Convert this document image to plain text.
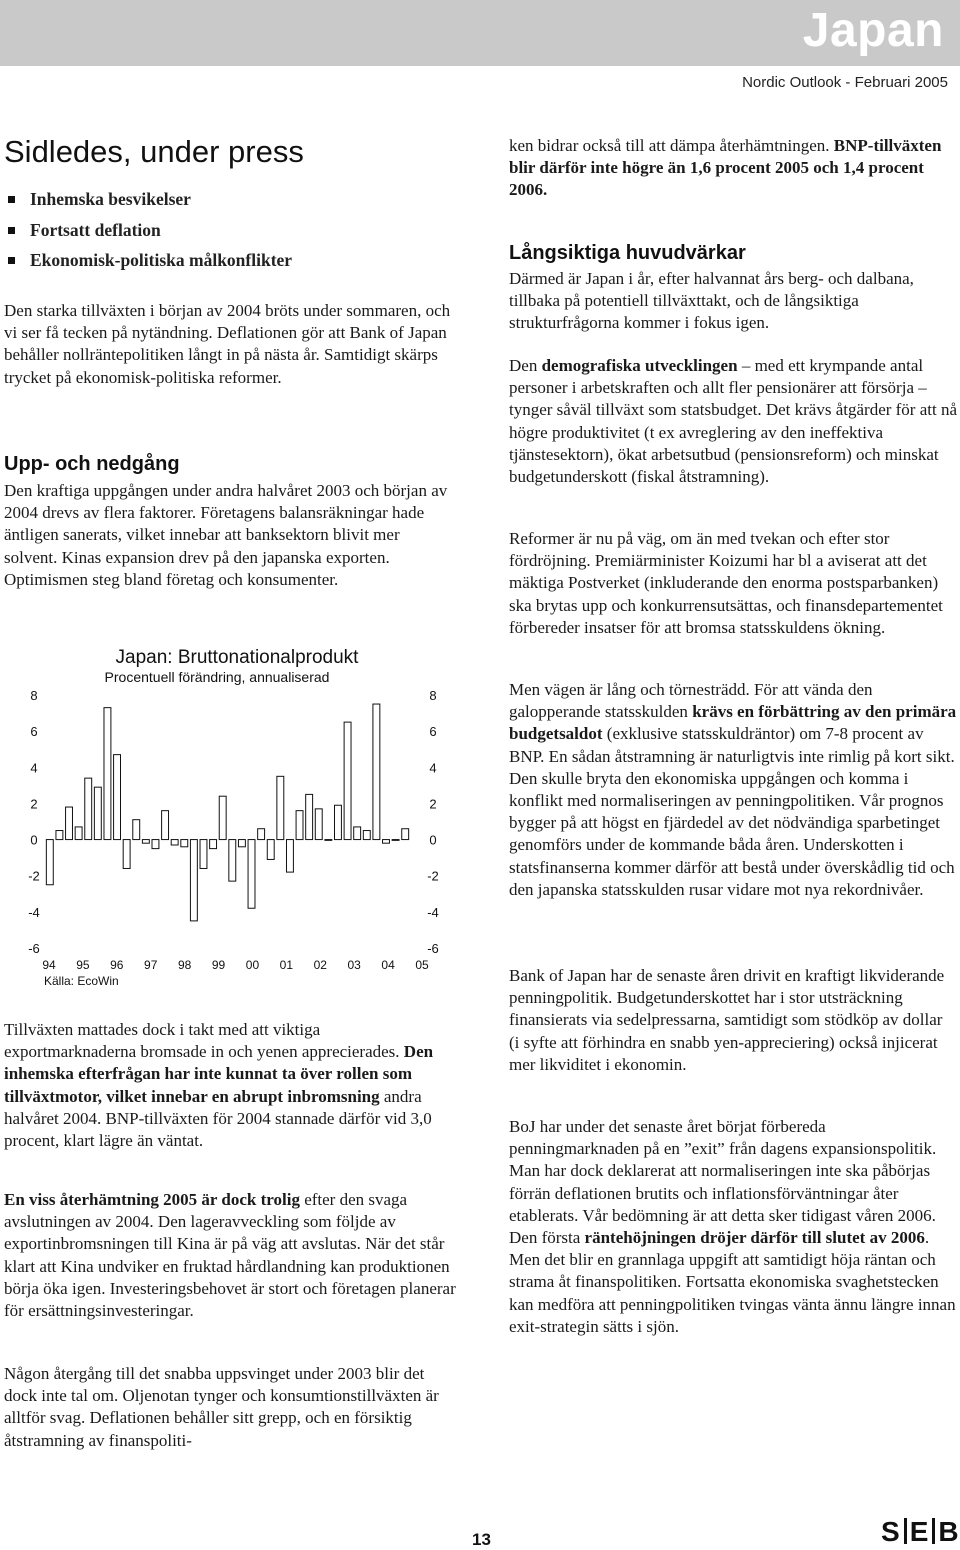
Japan
Nordic Outlook - Februari 2005
Sidledes, under press
Inhemska besvikelser
Fortsatt deflation
Ekonomisk-politiska målkonflikter

Den starka tillväxten i början av 2004 bröts under sommaren, och vi ser få tecken på nytändning. Deflationen gör att Bank of Japan behåller nollräntepolitiken långt in på nästa år. Samtidigt skärps trycket på ekonomisk-politiska reformer.

Upp- och nedgång

Den kraftiga uppgången under andra halvåret 2003 och början av 2004 drevs av flera faktorer. Företagens balansräkningar hade äntligen sanerats, vilket innebar att banksektorn blivit mer solvent. Kinas expansion drev på den japanska exporten. Optimismen steg bland företag och konsumenter.

Japan: Bruttonationalprodukt
Procentuell förändring, annualiserad
Källa: EcoWin
8
6
4
2
0
-2
-4
-6
8
6
4
2
0
-2
-4
-6
94 95 96 97 98 99 00 01 02 03 04 05

Tillväxten mattades dock i takt med att viktiga exportmarknaderna bromsade in och yenen apprecierades. Den inhemska efterfrågan har inte kunnat ta över rollen som tillväxtmotor, vilket innebar en abrupt inbromsning andra halvåret 2004. BNP-tillväxten för 2004 stannade därför vid 3,0 procent, klart lägre än väntat.

En viss återhämtning 2005 är dock trolig efter den svaga avslutningen av 2004. Den lageravveckling som följde av exportinbromsningen till Kina är på väg att avslutas. När det står klart att Kina undviker en fruktad hårdlandning kan produktionen börja öka igen. Investeringsbehovet är stort och företagen planerar för ersättningsinvesteringar.

Någon återgång till det snabba uppsvinget under 2003 blir det dock inte tal om. Oljenotan tynger och konsumtionstillväxten är alltför svag. Deflationen behåller sitt grepp, och en försiktig åtstramning av finanspoliti-

ken bidrar också till att dämpa återhämtningen. BNP-tillväxten blir därför inte högre än 1,6 procent 2005 och 1,4 procent 2006.

Långsiktiga huvudvärkar

Därmed är Japan i år, efter halvannat års berg- och dalbana, tillbaka på potentiell tillväxttakt, och de långsiktiga strukturfrågorna kommer i fokus igen.

Den demografiska utvecklingen – med ett krympande antal personer i arbetskraften och allt fler pensionärer att försörja – tynger såväl tillväxt som statsbudget. Det krävs åtgärder för att nå högre produktivitet (t ex avreglering av den ineffektiva tjänstesektorn), ökat arbetsutbud (pensionsreform) och minskat budgetunderskott (fiskal åtstramning).

Reformer är nu på väg, om än med tvekan och efter stor fördröjning. Premiärminister Koizumi har bl a aviserat att det mäktiga Postverket (inkluderande den enorma postsparbanken) ska brytas upp och konkurrensutsättas, och finansdepartementet förbereder insatser för att bromsa statsskuldens ökning.

Men vägen är lång och törnesträdd. För att vända den galopperande statsskulden krävs en förbättring av den primära budgetsaldot (exklusive statsskuldräntor) om 7-8 procent av BNP. En sådan åtstramning är naturligtvis inte rimlig på kort sikt. Den skulle bryta den ekonomiska uppgången och komma i konflikt med normaliseringen av penningpolitiken. Vår prognos bygger på att högst en fjärdedel av det nödvändiga sparbetinget genomförs under de kommande båda åren. Underskotten i statsfinanserna kommer därför att bestå under överskådlig tid och den japanska statsskulden rusar vidare mot nya rekordnivåer.

Bank of Japan har de senaste åren drivit en kraftigt likviderande penningpolitik. Budgetunderskottet har i stor utsträckning finansierats via sedelpressarna, samtidigt som stödköp av dollar (i syfte att förhindra en snabb yen-appreciering) också injicerat mer likviditet i ekonomin.

BoJ har under det senaste året börjat förbereda penningmarknaden på en ”exit” från dagens expansionspolitik. Man har dock deklarerat att normaliseringen inte ska påbörjas förrän deflationen brutits och inflationsförväntningar åter etablerats. Vår bedömning är att detta sker tidigast våren 2006. Den första räntehöjningen dröjer därför till slutet av 2006. Men det blir en grannlaga uppgift att samtidigt höja räntan och strama åt finanspolitiken. Fortsatta ekonomiska svaghetstecken kan medföra att penningpolitiken tvingas vänta ännu längre innan exit-strategin sätts i sjön.

13	S E B
